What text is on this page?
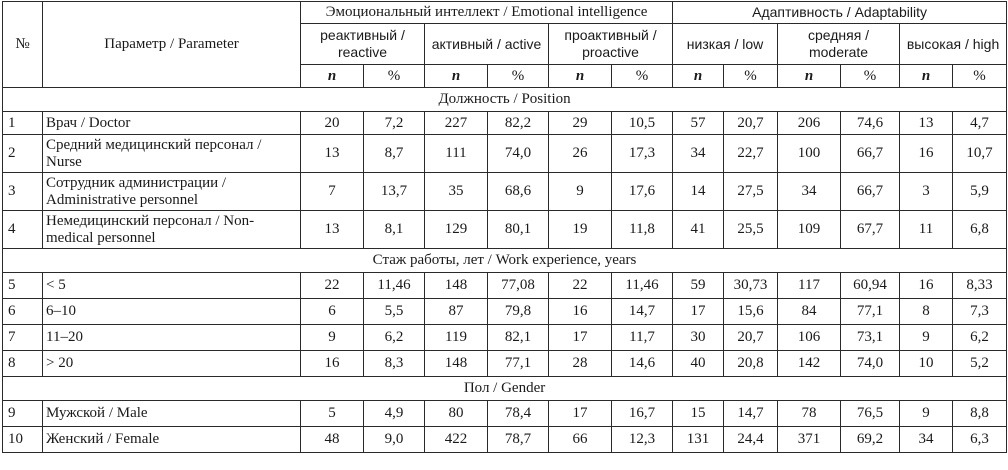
№	Параметр / Parameter	Эмоциональный интеллект / Emotional intelligence						Адаптивность / Adaptability					
		реактивный / reactive		активный / active		проактивный / proactive		низкая / low		средняя / moderate		высокая / high	
		n	%	n	%	n	%	n	%	n	%	n	%
Должность / Position													
1	Врач / Doctor	20	7,2	227	82,2	29	10,5	57	20,7	206	74,6	13	4,7
2	Средний медицинский персонал / Nurse	13	8,7	111	74,0	26	17,3	34	22,7	100	66,7	16	10,7
3	Сотрудник администрации / Administrative personnel	7	13,7	35	68,6	9	17,6	14	27,5	34	66,7	3	5,9
4	Немедицинский персонал / Non-medical personnel	13	8,1	129	80,1	19	11,8	41	25,5	109	67,7	11	6,8
Стаж работы, лет / Work experience, years													
5	< 5	22	11,46	148	77,08	22	11,46	59	30,73	117	60,94	16	8,33
6	6–10	6	5,5	87	79,8	16	14,7	17	15,6	84	77,1	8	7,3
7	11–20	9	6,2	119	82,1	17	11,7	30	20,7	106	73,1	9	6,2
8	> 20	16	8,3	148	77,1	28	14,6	40	20,8	142	74,0	10	5,2
Пол / Gender													
9	Мужской / Male	5	4,9	80	78,4	17	16,7	15	14,7	78	76,5	9	8,8
10	Женский / Female	48	9,0	422	78,7	66	12,3	131	24,4	371	69,2	34	6,3
